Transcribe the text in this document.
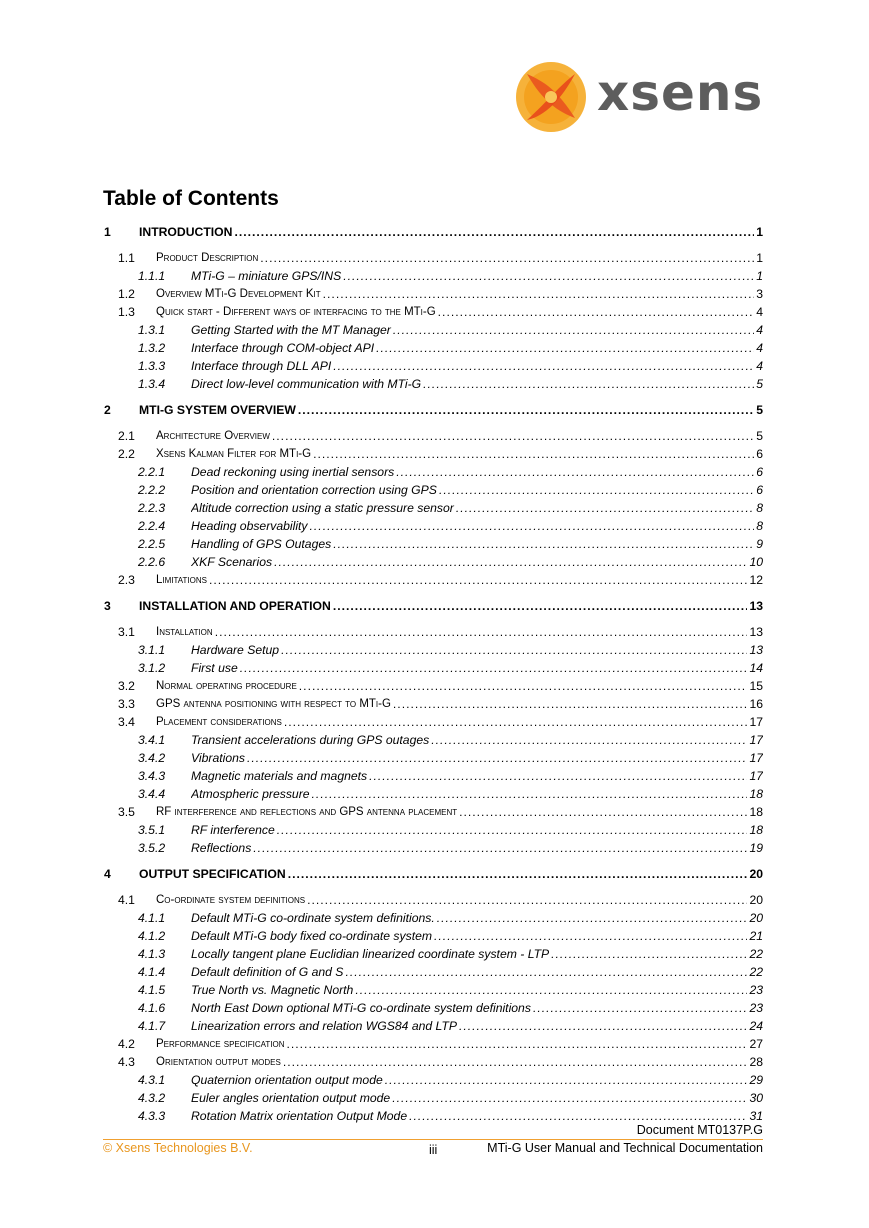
xsens
Table of Contents
1 INTRODUCTION .....	1
1.1 Product Description .....	1
1.1.1 MTi-G – miniature GPS/INS .....	1
1.2 Overview MTi-G Development Kit .....	3
1.3 Quick start - Different ways of interfacing to the MTi-G .....	4
1.3.1 Getting Started with the MT Manager .....	4
1.3.2 Interface through COM-object API .....	4
1.3.3 Interface through DLL API .....	4
1.3.4 Direct low-level communication with MTi-G .....	5
2 MTI-G SYSTEM OVERVIEW .....	5
2.1 Architecture Overview .....	5
2.2 Xsens Kalman Filter for MTi-G .....	6
2.2.1 Dead reckoning using inertial sensors .....	6
2.2.2 Position and orientation correction using GPS .....	6
2.2.3 Altitude correction using a static pressure sensor .....	8
2.2.4 Heading observability .....	8
2.2.5 Handling of GPS Outages .....	9
2.2.6 XKF Scenarios .....	10
2.3 Limitations .....	12
3 INSTALLATION AND OPERATION .....	13
3.1 Installation .....	13
3.1.1 Hardware Setup .....	13
3.1.2 First use .....	14
3.2 Normal operating procedure .....	15
3.3 GPS antenna positioning with respect to MTi-G .....	16
3.4 Placement considerations .....	17
3.4.1 Transient accelerations during GPS outages .....	17
3.4.2 Vibrations .....	17
3.4.3 Magnetic materials and magnets .....	17
3.4.4 Atmospheric pressure .....	18
3.5 RF interference and reflections and GPS antenna placement .....	18
3.5.1 RF interference .....	18
3.5.2 Reflections .....	19
4 OUTPUT SPECIFICATION .....	20
4.1 Co-ordinate system definitions .....	20
4.1.1 Default MTi-G co-ordinate system definitions. .....	20
4.1.2 Default MTi-G body fixed co-ordinate system .....	21
4.1.3 Locally tangent plane Euclidian linearized coordinate system - LTP .....	22
4.1.4 Default definition of G and S .....	22
4.1.5 True North vs. Magnetic North .....	23
4.1.6 North East Down optional MTi-G co-ordinate system definitions .....	23
4.1.7 Linearization errors and relation WGS84 and LTP .....	24
4.2 Performance specification .....	27
4.3 Orientation output modes .....	28
4.3.1 Quaternion orientation output mode .....	29
4.3.2 Euler angles orientation output mode .....	30
4.3.3 Rotation Matrix orientation Output Mode .....	31
Document MT0137P.G
© Xsens Technologies B.V.	iii	MTi-G User Manual and Technical Documentation
